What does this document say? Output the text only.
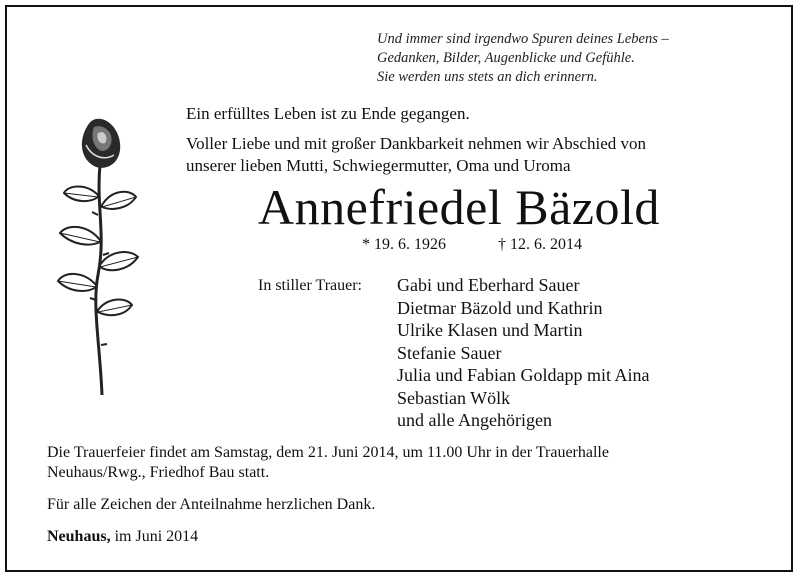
Und immer sind irgendwo Spuren deines Lebens –
Gedanken, Bilder, Augenblicke und Gefühle.
Sie werden uns stets an dich erinnern.
Ein erfülltes Leben ist zu Ende gegangen.
Voller Liebe und mit großer Dankbarkeit nehmen wir Abschied von
unserer lieben Mutti, Schwiegermutter, Oma und Uroma
Annefriedel Bäzold
* 19. 6. 1926	† 12. 6. 2014
In stiller Trauer: Gabi und Eberhard Sauer
Dietmar Bäzold und Kathrin
Ulrike Klasen und Martin
Stefanie Sauer
Julia und Fabian Goldapp mit Aina
Sebastian Wölk
und alle Angehörigen
Die Trauerfeier findet am Samstag, dem 21. Juni 2014, um 11.00 Uhr in der Trauerhalle
Neuhaus/Rwg., Friedhof Bau statt.
Für alle Zeichen der Anteilnahme herzlichen Dank.
Neuhaus, im Juni 2014
